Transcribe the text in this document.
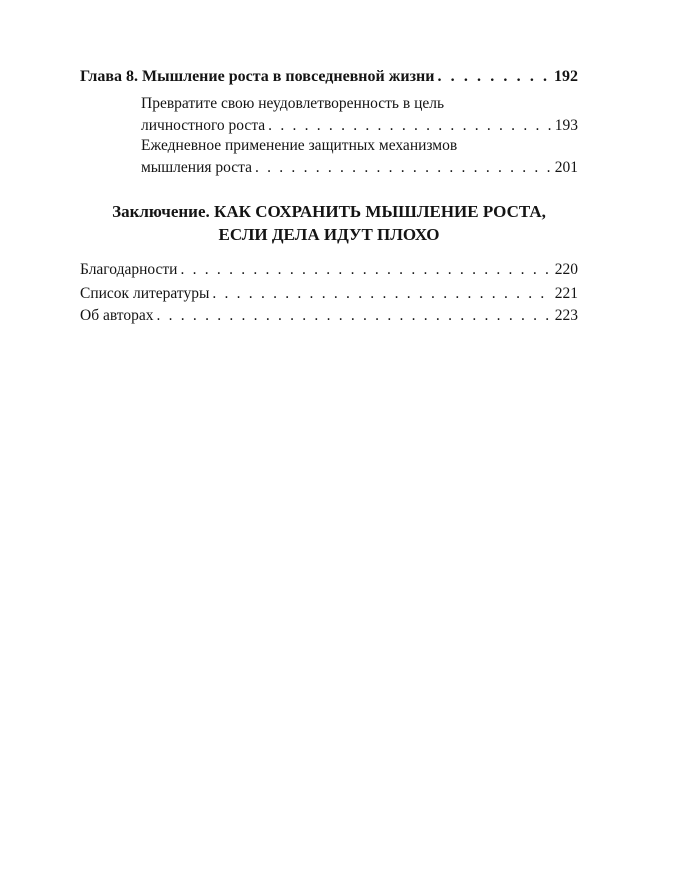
Глава 8. Мышление роста в повседневной жизни . . .	192
Превратите свою неудовлетворенность в цель
личностного роста . . .	193
Ежедневное применение защитных механизмов
мышления роста . . .	201
Заключение. КАК СОХРАНИТЬ МЫШЛЕНИЕ РОСТА,
ЕСЛИ ДЕЛА ИДУТ ПЛОХО
Благодарности . . .	220
Список литературы . . .	221
Об авторах . . .	223
